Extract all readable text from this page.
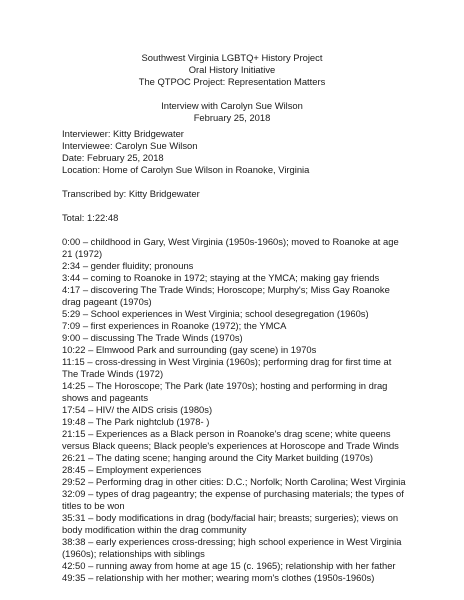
Southwest Virginia LGBTQ+ History Project
Oral History Initiative
The QTPOC Project: Representation Matters
Interview with Carolyn Sue Wilson
February 25, 2018
Interviewer: Kitty Bridgewater
Interviewee: Carolyn Sue Wilson
Date: February 25, 2018
Location: Home of Carolyn Sue Wilson in Roanoke, Virginia
Transcribed by: Kitty Bridgewater
Total: 1:22:48
0:00 – childhood in Gary, West Virginia (1950s-1960s); moved to Roanoke at age 21 (1972)
2:34 – gender fluidity; pronouns
3:44 – coming to Roanoke in 1972; staying at the YMCA; making gay friends
4:17 – discovering The Trade Winds; Horoscope; Murphy's; Miss Gay Roanoke drag pageant (1970s)
5:29 – School experiences in West Virginia; school desegregation (1960s)
7:09 – first experiences in Roanoke (1972); the YMCA
9:00 – discussing The Trade Winds (1970s)
10:22 – Elmwood Park and surrounding (gay scene) in 1970s
11:15 – cross-dressing in West Virginia (1960s); performing drag for first time at The Trade Winds (1972)
14:25 – The Horoscope; The Park (late 1970s); hosting and performing in drag shows and pageants
17:54 – HIV/ the AIDS crisis (1980s)
19:48 – The Park nightclub (1978- )
21:15 – Experiences as a Black person in Roanoke's drag scene; white queens versus Black queens; Black people's experiences at Horoscope and Trade Winds
26:21 – The dating scene; hanging around the City Market building (1970s)
28:45 – Employment experiences
29:52 – Performing drag in other cities: D.C.; Norfolk; North Carolina; West Virginia
32:09 – types of drag pageantry; the expense of purchasing materials; the types of titles to be won
35:31 – body modifications in drag (body/facial hair; breasts; surgeries); views on body modification within the drag community
38:38 – early experiences cross-dressing; high school experience in West Virginia (1960s); relationships with siblings
42:50 – running away from home at age 15 (c. 1965); relationship with her father
49:35 – relationship with her mother; wearing mom's clothes (1950s-1960s)
